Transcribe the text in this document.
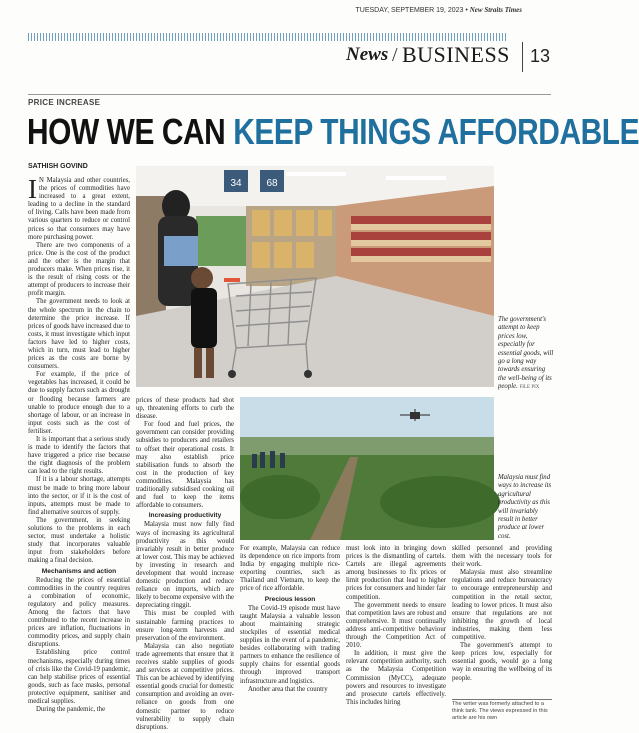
TUESDAY, SEPTEMBER 19, 2023 • New Straits Times
News / BUSINESS 13
PRICE INCREASE
HOW WE CAN KEEP THINGS AFFORDABLE
SATHISH GOVIND

I N Malaysia and other countries, the prices of commodities have increased to a great extent, leading to a decline in the standard of living. Calls have been made from various quarters to reduce or control prices so that consumers may have more purchasing power.

There are two components of a price. One is the cost of the product and the other is the margin that producers make. When prices rise, it is the result of rising costs or the attempt of producers to increase their profit margin.

The government needs to look at the whole spectrum in the chain to determine the price increase. If prices of goods have increased due to costs, it must investigate which input factors have led to higher costs, which in turn, must lead to higher prices as the costs are borne by consumers.

For example, if the price of vegetables has increased, it could be due to supply factors such as drought or flooding because farmers are unable to produce enough due to a shortage of labour, or an increase in input costs such as the cost of fertiliser.

It is important that a serious study is made to identify the factors that have triggered a price rise because the right diagnosis of the problem can lead to the right results.

If it is a labour shortage, attempts must be made to bring more labour into the sector, or if it is the cost of inputs, attempts must be made to find alternative sources of supply.

The government, in seeking solutions to the problems in each sector, must undertake a holistic study that incorporates valuable input from stakeholders before making a final decision.

Mechanisms and action

Reducing the prices of essential commodities in the country requires a combination of economic, regulatory and policy measures. Among the factors that have contributed to the recent increase in prices are inflation, fluctuations in commodity prices, and supply chain disruptions.

Establishing price control mechanisms, especially during times of crisis like the Covid-19 pandemic, can help stabilise prices of essential goods, such as face masks, personal protective equipment, sanitiser and medical supplies.

During the pandemic, the

34 68
The government's attempt to keep prices low, especially for essential goods, will go a long way towards ensuring the well-being of its people. FILE PIX

prices of these products had shot up, threatening efforts to curb the disease.

For food and fuel prices, the government can consider providing subsidies to producers and retailers to offset their operational costs. It may also establish price stabilisation funds to absorb the cost in the production of key commodities. Malaysia has traditionally subsidised cooking oil and fuel to keep the items affordable to consumers.

Increasing productivity

Malaysia must now fully find ways of increasing its agricultural productivity as this would invariably result in better produce at lower cost. This may be achieved by investing in research and development that would increase domestic production and reduce reliance on imports, which are likely to become expensive with the depreciating ringgit.

This must be coupled with sustainable farming practices to ensure long-term harvests and preservation of the environment.

Malaysia can also negotiate trade agreements that ensure that it receives stable supplies of goods and services at competitive prices. This can be achieved by identifying essential goods crucial for domestic consumption and avoiding an over-reliance on goods from one domestic partner to reduce vulnerability to supply chain disruptions.

Malaysia must find ways to increase its agricultural productivity as this will invariably result in better produce at lower cost.

For example, Malaysia can reduce its dependence on rice imports from India by engaging multiple rice-exporting countries, such as Thailand and Vietnam, to keep the price of rice affordable.

Precious lesson

The Covid-19 episode must have taught Malaysia a valuable lesson about maintaining strategic stockpiles of essential medical supplies in the event of a pandemic, besides collaborating with trading partners to enhance the resilience of supply chains for essential goods through improved transport infrastructure and logistics.

Another area that the country

must look into in bringing down prices is the dismantling of cartels. Cartels are illegal agreements among businesses to fix prices or limit production that lead to higher prices for consumers and hinder fair competition.

The government needs to ensure that competition laws are robust and comprehensive. It must continually address anti-competitive behaviour through the Competition Act of 2010.

In addition, it must give the relevant competition authority, such as the Malaysia Competition Commission (MyCC), adequate powers and resources to investigate and prosecute cartels effectively. This includes hiring

skilled personnel and providing them with the necessary tools for their work.

Malaysia must also streamline regulations and reduce bureaucracy to encourage entrepreneurship and competition in the retail sector, leading to lower prices. It must also ensure that regulations are not inhibiting the growth of local industries, making them less competitive.

The government's attempt to keep prices low, especially for essential goods, would go a long way in ensuring the wellbeing of its people.

The writer was formerly attached to a think tank. The views expressed in this article are his own
